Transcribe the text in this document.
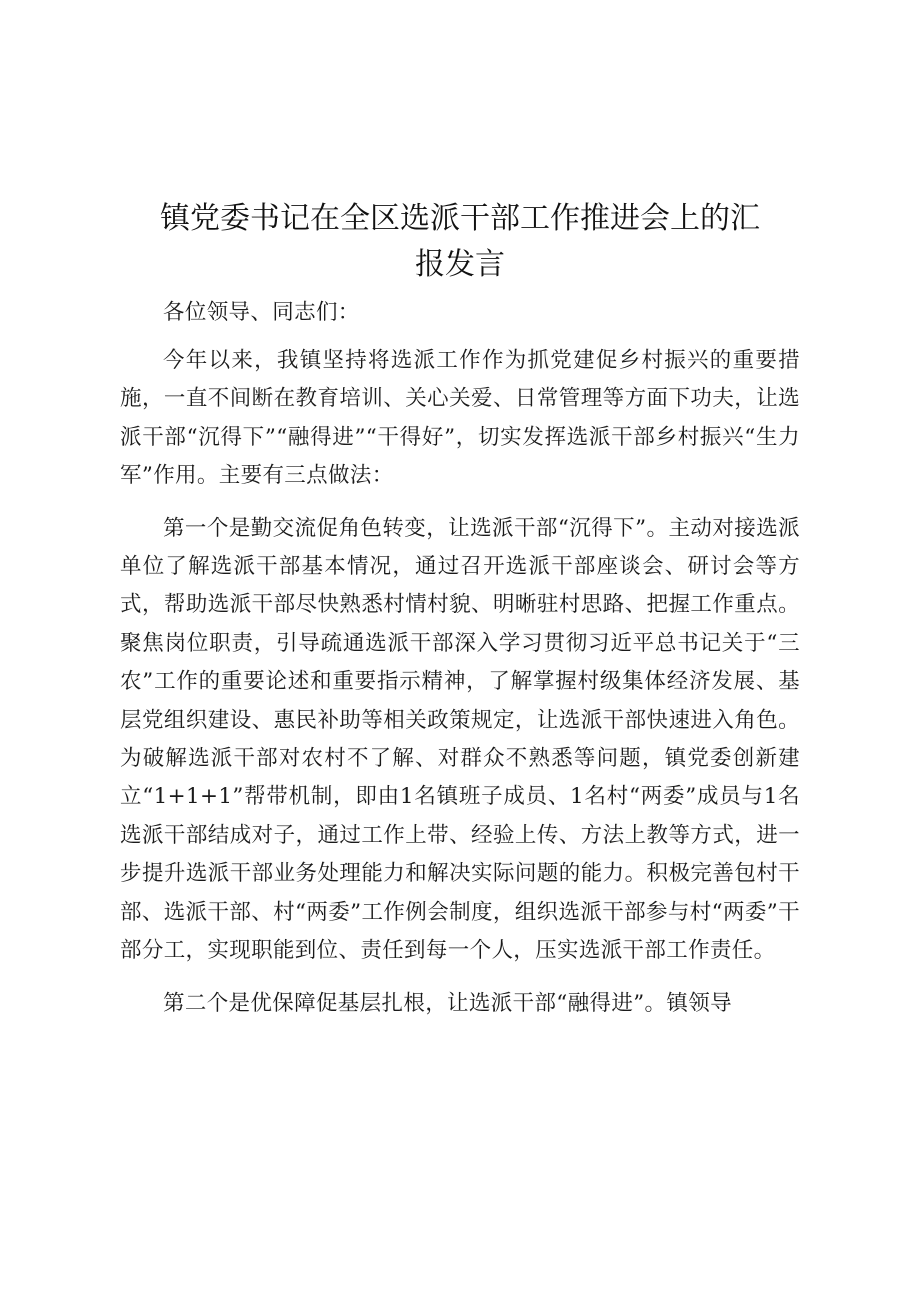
镇党委书记在全区选派干部工作推进会上的汇
报发言

各位领导、同志们：

今年以来，我镇坚持将选派工作作为抓党建促乡村振兴的重要措施，一直不间断在教育培训、关心关爱、日常管理等方面下功夫，让选派干部“沉得下”“融得进”“干得好”，切实发挥选派干部乡村振兴“生力军”作用。主要有三点做法：

第一个是勤交流促角色转变，让选派干部“沉得下”。主动对接选派单位了解选派干部基本情况，通过召开选派干部座谈会、研讨会等方式，帮助选派干部尽快熟悉村情村貌、明晰驻村思路、把握工作重点。聚焦岗位职责，引导疏通选派干部深入学习贯彻习近平总书记关于“三农”工作的重要论述和重要指示精神，了解掌握村级集体经济发展、基层党组织建设、惠民补助等相关政策规定，让选派干部快速进入角色。为破解选派干部对农村不了解、对群众不熟悉等问题，镇党委创新建立“1+1+1”帮带机制，即由1名镇班子成员、1名村“两委”成员与1名选派干部结成对子，通过工作上带、经验上传、方法上教等方式，进一步提升选派干部业务处理能力和解决实际问题的能力。积极完善包村干部、选派干部、村“两委”工作例会制度，组织选派干部参与村“两委”干部分工，实现职能到位、责任到每一个人，压实选派干部工作责任。

第二个是优保障促基层扎根，让选派干部“融得进”。镇领导
